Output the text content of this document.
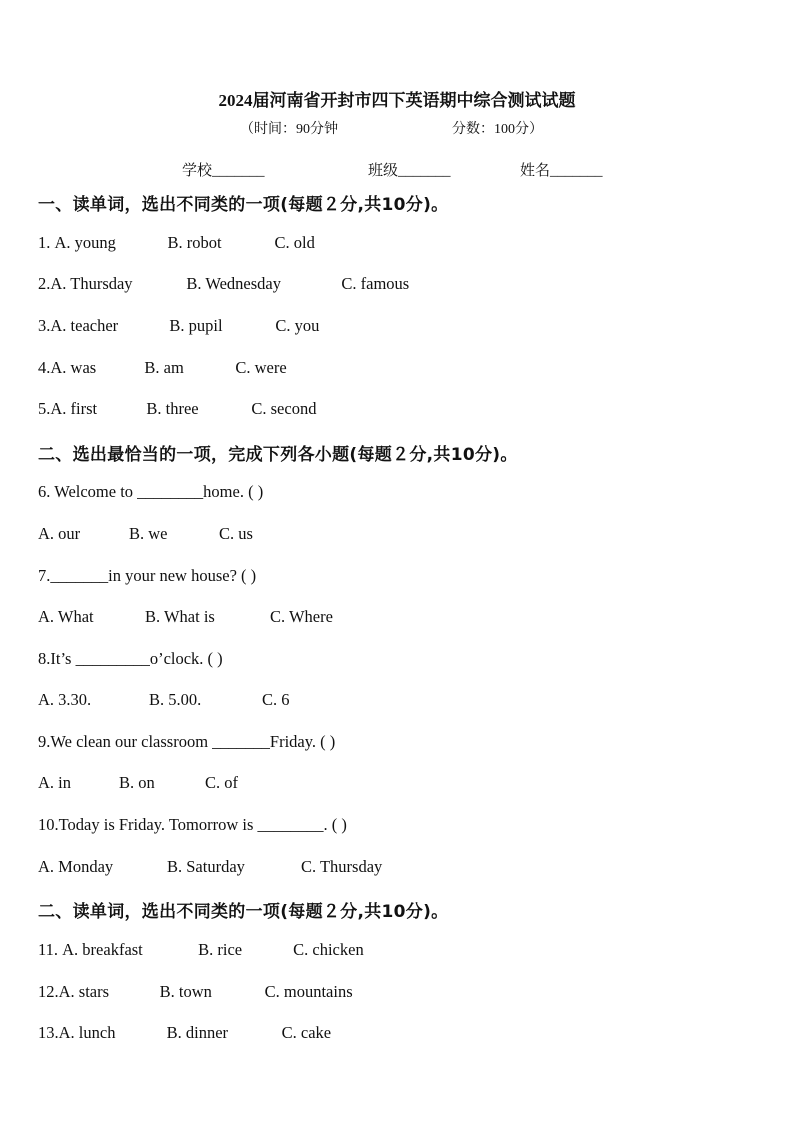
2024届河南省开封市四下英语期中综合测试试题
（时间：90分钟	分数：100分）
学校_______	班级_______	姓名_______
一、读单词，选出不同类的一项(每题２分,共10分)。
1. A. young	B. robot	C. old
2.A. Thursday	B. Wednesday	C. famous
3.A. teacher	B. pupil	C. you
4.A. was	B. am	C. were
5.A. first	B. three	C. second
二、选出最恰当的一项，完成下列各小题(每题２分,共10分)。
6. Welcome to ________home. ( )
A. our	B. we	C. us
7._______in your new house? ( )
A. What	B. What is	C. Where
8.It’s _________o’clock. ( )
A. 3.30.	B. 5.00.	C. 6
9.We clean our classroom _______Friday. ( )
A. in	B. on	C. of
10.Today is Friday. Tomorrow is ________. ( )
A. Monday	B. Saturday	C. Thursday
二、读单词，选出不同类的一项(每题２分,共10分)。
11. A. breakfast	B. rice	C. chicken
12.A. stars	B. town	C. mountains
13.A. lunch	B. dinner	C. cake
